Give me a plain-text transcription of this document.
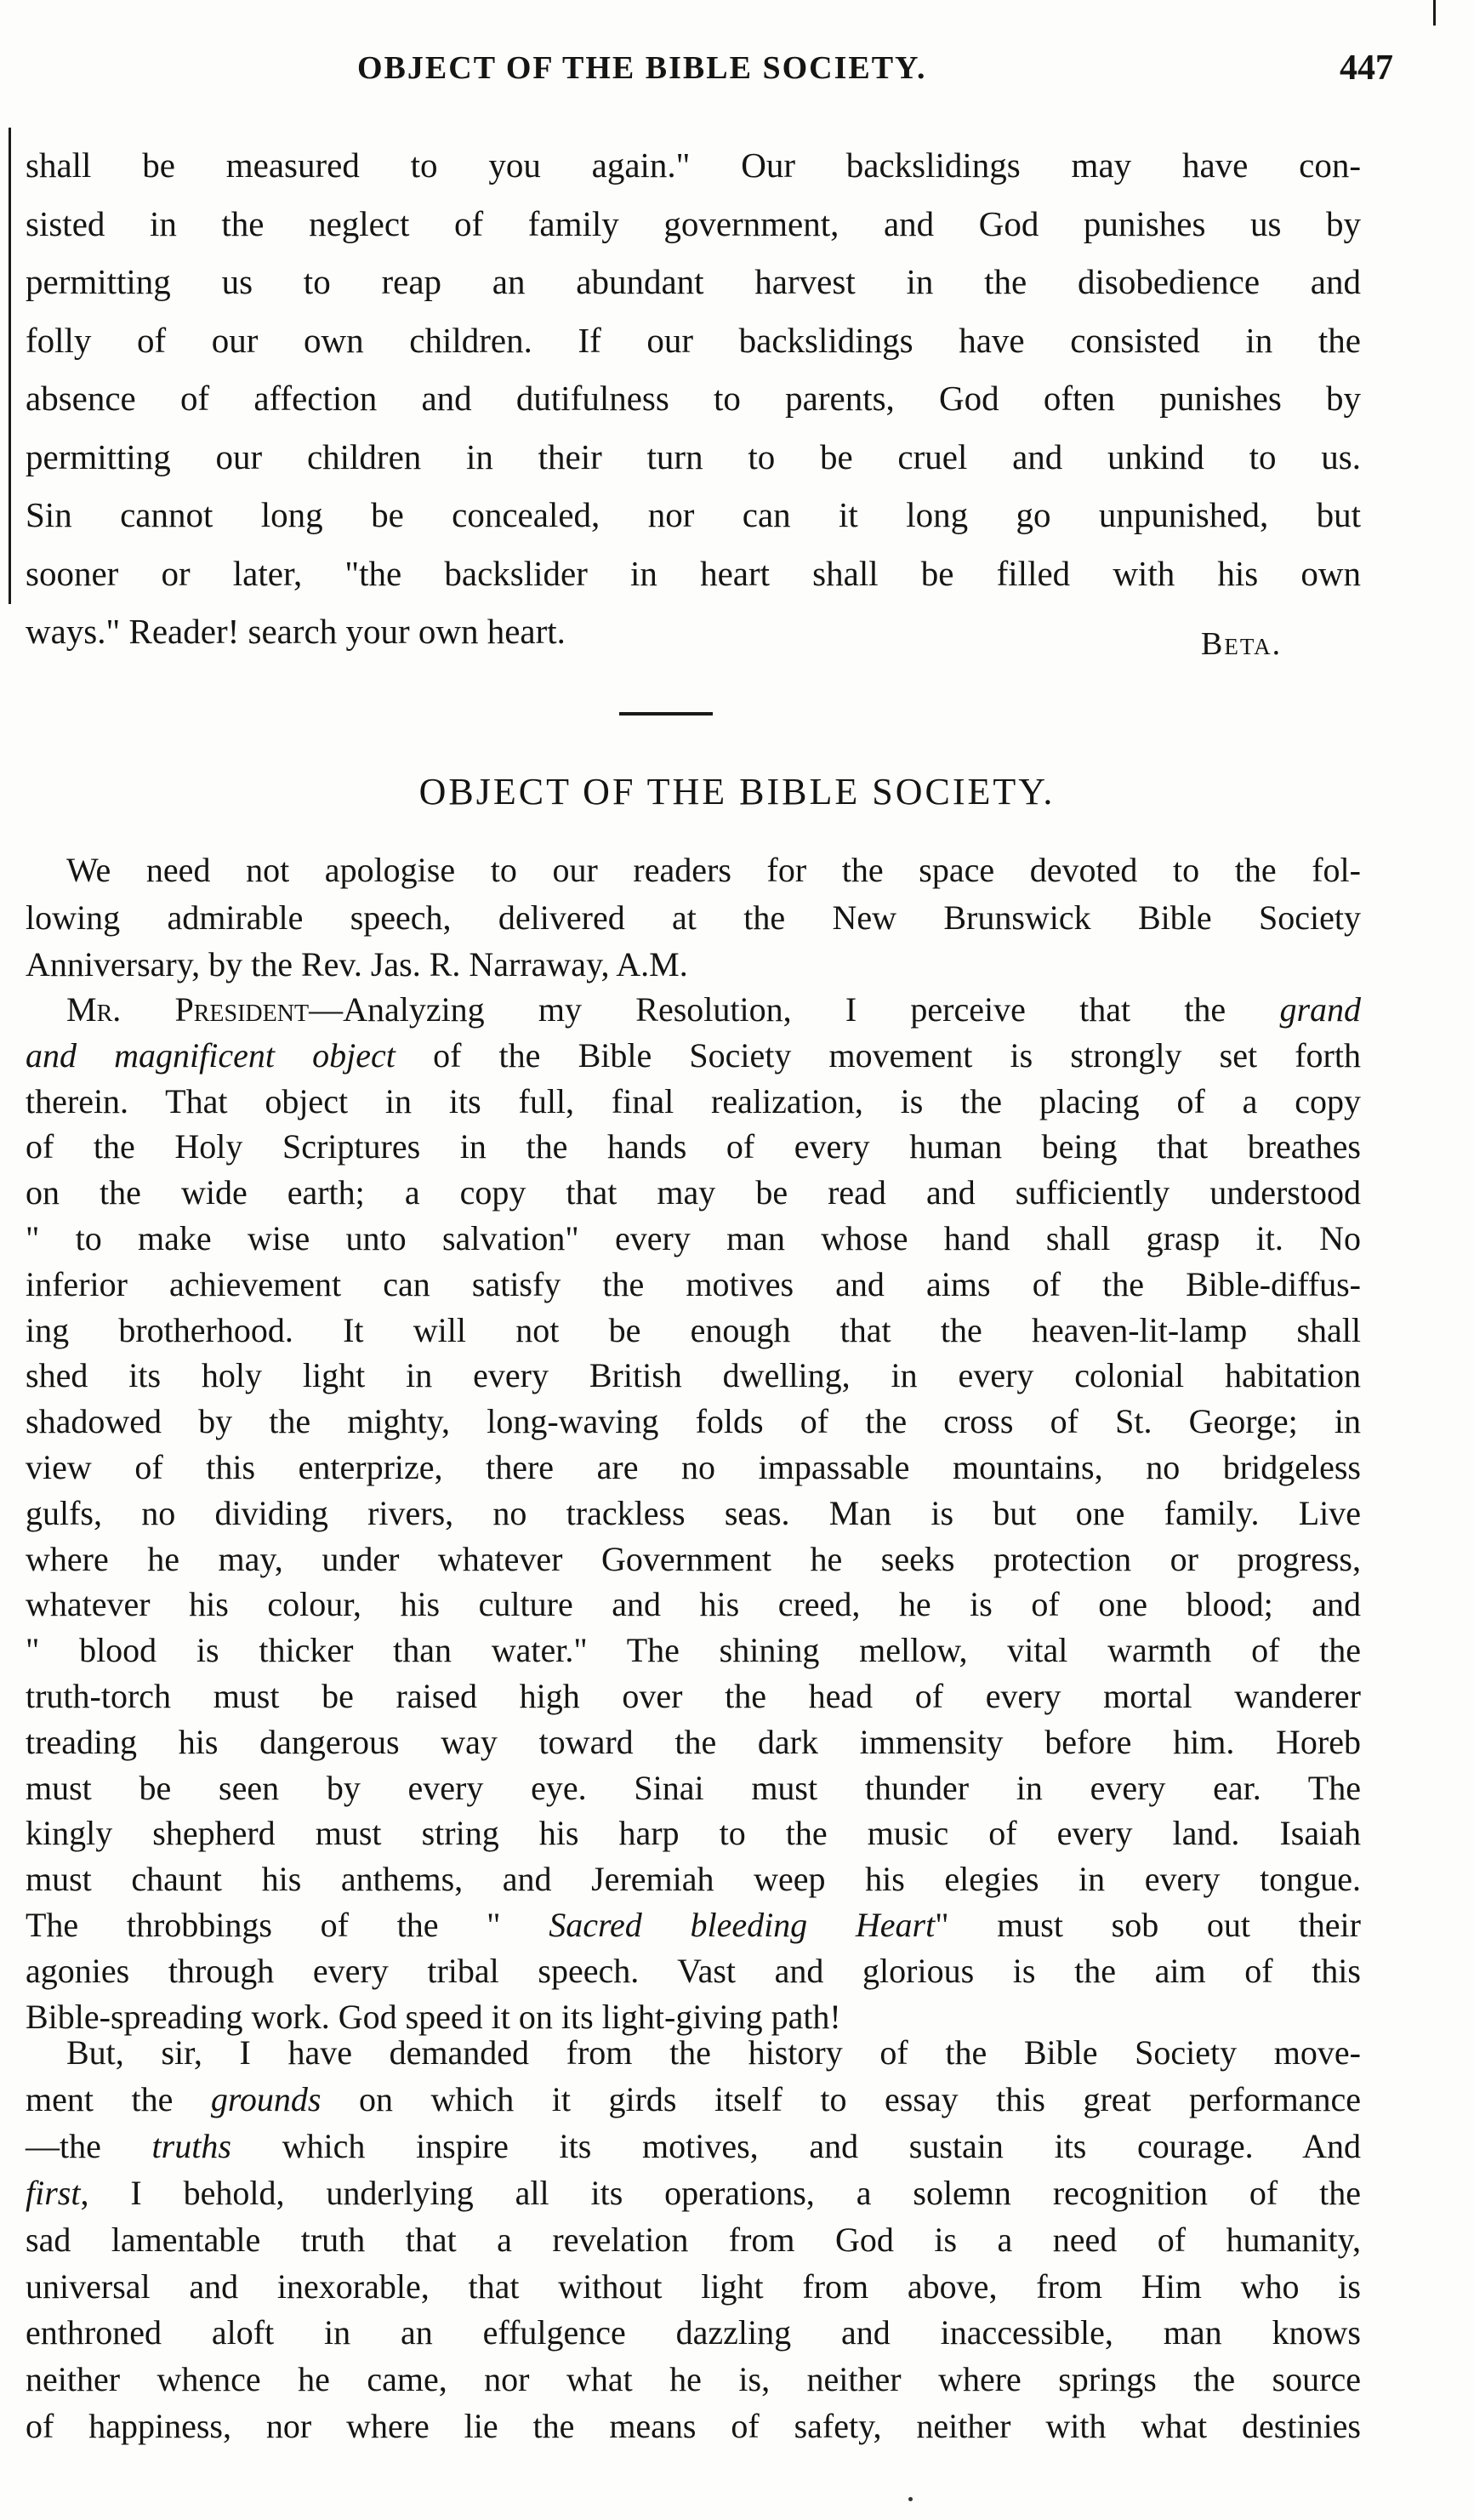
OBJECT OF THE BIBLE SOCIETY.	447
shall be measured to you again." Our backslidings may have con-
sisted in the neglect of family government, and God punishes us by
permitting us to reap an abundant harvest in the disobedience and
folly of our own children. If our backslidings have consisted in the
absence of affection and dutifulness to parents, God often punishes by
permitting our children in their turn to be cruel and unkind to us.
Sin cannot long be concealed, nor can it long go unpunished, but
sooner or later, "the backslider in heart shall be filled with his own
ways." Reader! search your own heart.	Beta.
OBJECT OF THE BIBLE SOCIETY.
We need not apologise to our readers for the space devoted to the fol-
lowing admirable speech, delivered at the New Brunswick Bible Society
Anniversary, by the Rev. Jas. R. Narraway, A.M.
Mr. President—Analyzing my Resolution, I perceive that the grand
and magnificent object of the Bible Society movement is strongly set forth
therein. That object in its full, final realization, is the placing of a copy
of the Holy Scriptures in the hands of every human being that breathes
on the wide earth; a copy that may be read and sufficiently understood
" to make wise unto salvation" every man whose hand shall grasp it. No
inferior achievement can satisfy the motives and aims of the Bible-diffus-
ing brotherhood. It will not be enough that the heaven-lit-lamp shall
shed its holy light in every British dwelling, in every colonial habitation
shadowed by the mighty, long-waving folds of the cross of St. George; in
view of this enterprize, there are no impassable mountains, no bridgeless
gulfs, no dividing rivers, no trackless seas. Man is but one family. Live
where he may, under whatever Government he seeks protection or progress,
whatever his colour, his culture and his creed, he is of one blood; and
" blood is thicker than water." The shining mellow, vital warmth of the
truth-torch must be raised high over the head of every mortal wanderer
treading his dangerous way toward the dark immensity before him. Horeb
must be seen by every eye. Sinai must thunder in every ear. The
kingly shepherd must string his harp to the music of every land. Isaiah
must chaunt his anthems, and Jeremiah weep his elegies in every tongue.
The throbbings of the " Sacred bleeding Heart" must sob out their
agonies through every tribal speech. Vast and glorious is the aim of this
Bible-spreading work. God speed it on its light-giving path!
But, sir, I have demanded from the history of the Bible Society move-
ment the grounds on which it girds itself to essay this great performance
—the truths which inspire its motives, and sustain its courage. And
first, I behold, underlying all its operations, a solemn recognition of the
sad lamentable truth that a revelation from God is a need of humanity,
universal and inexorable, that without light from above, from Him who is
enthroned aloft in an effulgence dazzling and inaccessible, man knows
neither whence he came, nor what he is, neither where springs the source
of happiness, nor where lie the means of safety, neither with what destinies
